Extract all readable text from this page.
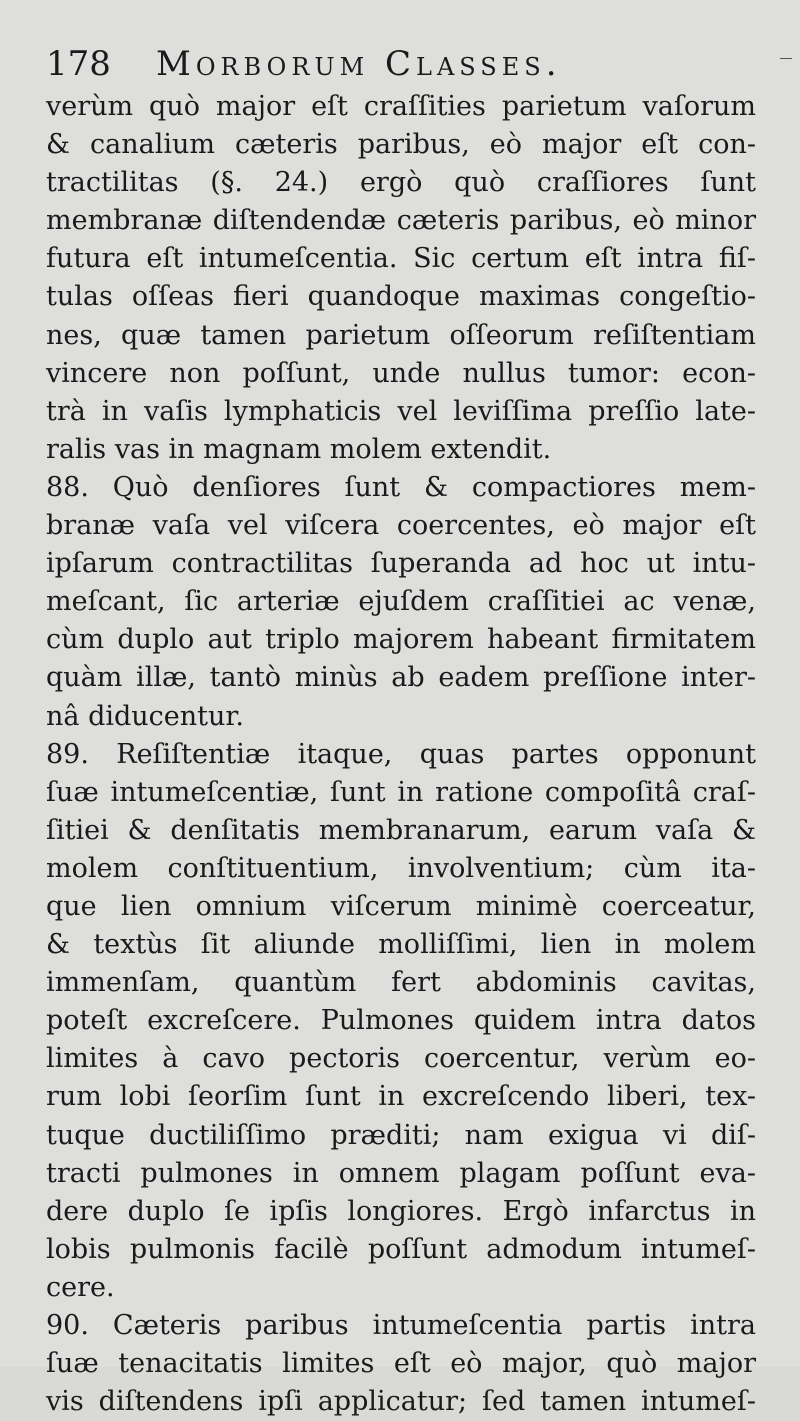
178 Morborum Classes.
verùm quò major eſt craſſities parietum vaſorum
& canalium cæteris paribus, eò major eſt con-
tractilitas (§. 24.) ergò quò craſſiores ſunt
membranæ diſtendendæ cæteris paribus, eò minor
futura eſt intumeſcentia. Sic certum eſt intra fiſ-
tulas oſſeas fieri quandoque maximas congeſtio-
nes, quæ tamen parietum oſſeorum reſiſtentiam
vincere non poſſunt, unde nullus tumor: econ-
trà in vaſis lymphaticis vel leviſſima preſſio late-
ralis vas in magnam molem extendit.
88. Quò denſiores ſunt & compactiores mem-
branæ vaſa vel viſcera coercentes, eò major eſt
ipſarum contractilitas ſuperanda ad hoc ut intu-
meſcant, ſic arteriæ ejuſdem craſſitiei ac venæ,
cùm duplo aut triplo majorem habeant firmitatem
quàm illæ, tantò minùs ab eadem preſſione inter-
nâ diducentur.
89. Reſiſtentiæ itaque, quas partes opponunt
ſuæ intumeſcentiæ, ſunt in ratione compoſitâ craſ-
ſitiei & denſitatis membranarum, earum vaſa &
molem conſtituentium, involventium; cùm ita-
que lien omnium viſcerum minimè coerceatur,
& textùs ſit aliunde molliſſimi, lien in molem
immenſam, quantùm fert abdominis cavitas,
poteſt excreſcere. Pulmones quidem intra datos
limites à cavo pectoris coercentur, verùm eo-
rum lobi ſeorſim ſunt in excreſcendo liberi, tex-
tuque ductiliſſimo præditi; nam exigua vi diſ-
tracti pulmones in omnem plagam poſſunt eva-
dere duplo ſe ipſis longiores. Ergò infarctus in
lobis pulmonis facilè poſſunt admodum intumeſ-
cere.
90. Cæteris paribus intumeſcentia partis intra
ſuæ tenacitatis limites eſt eò major, quò major
vis diſtendens ipſi applicatur; ſed tamen intumeſ-
